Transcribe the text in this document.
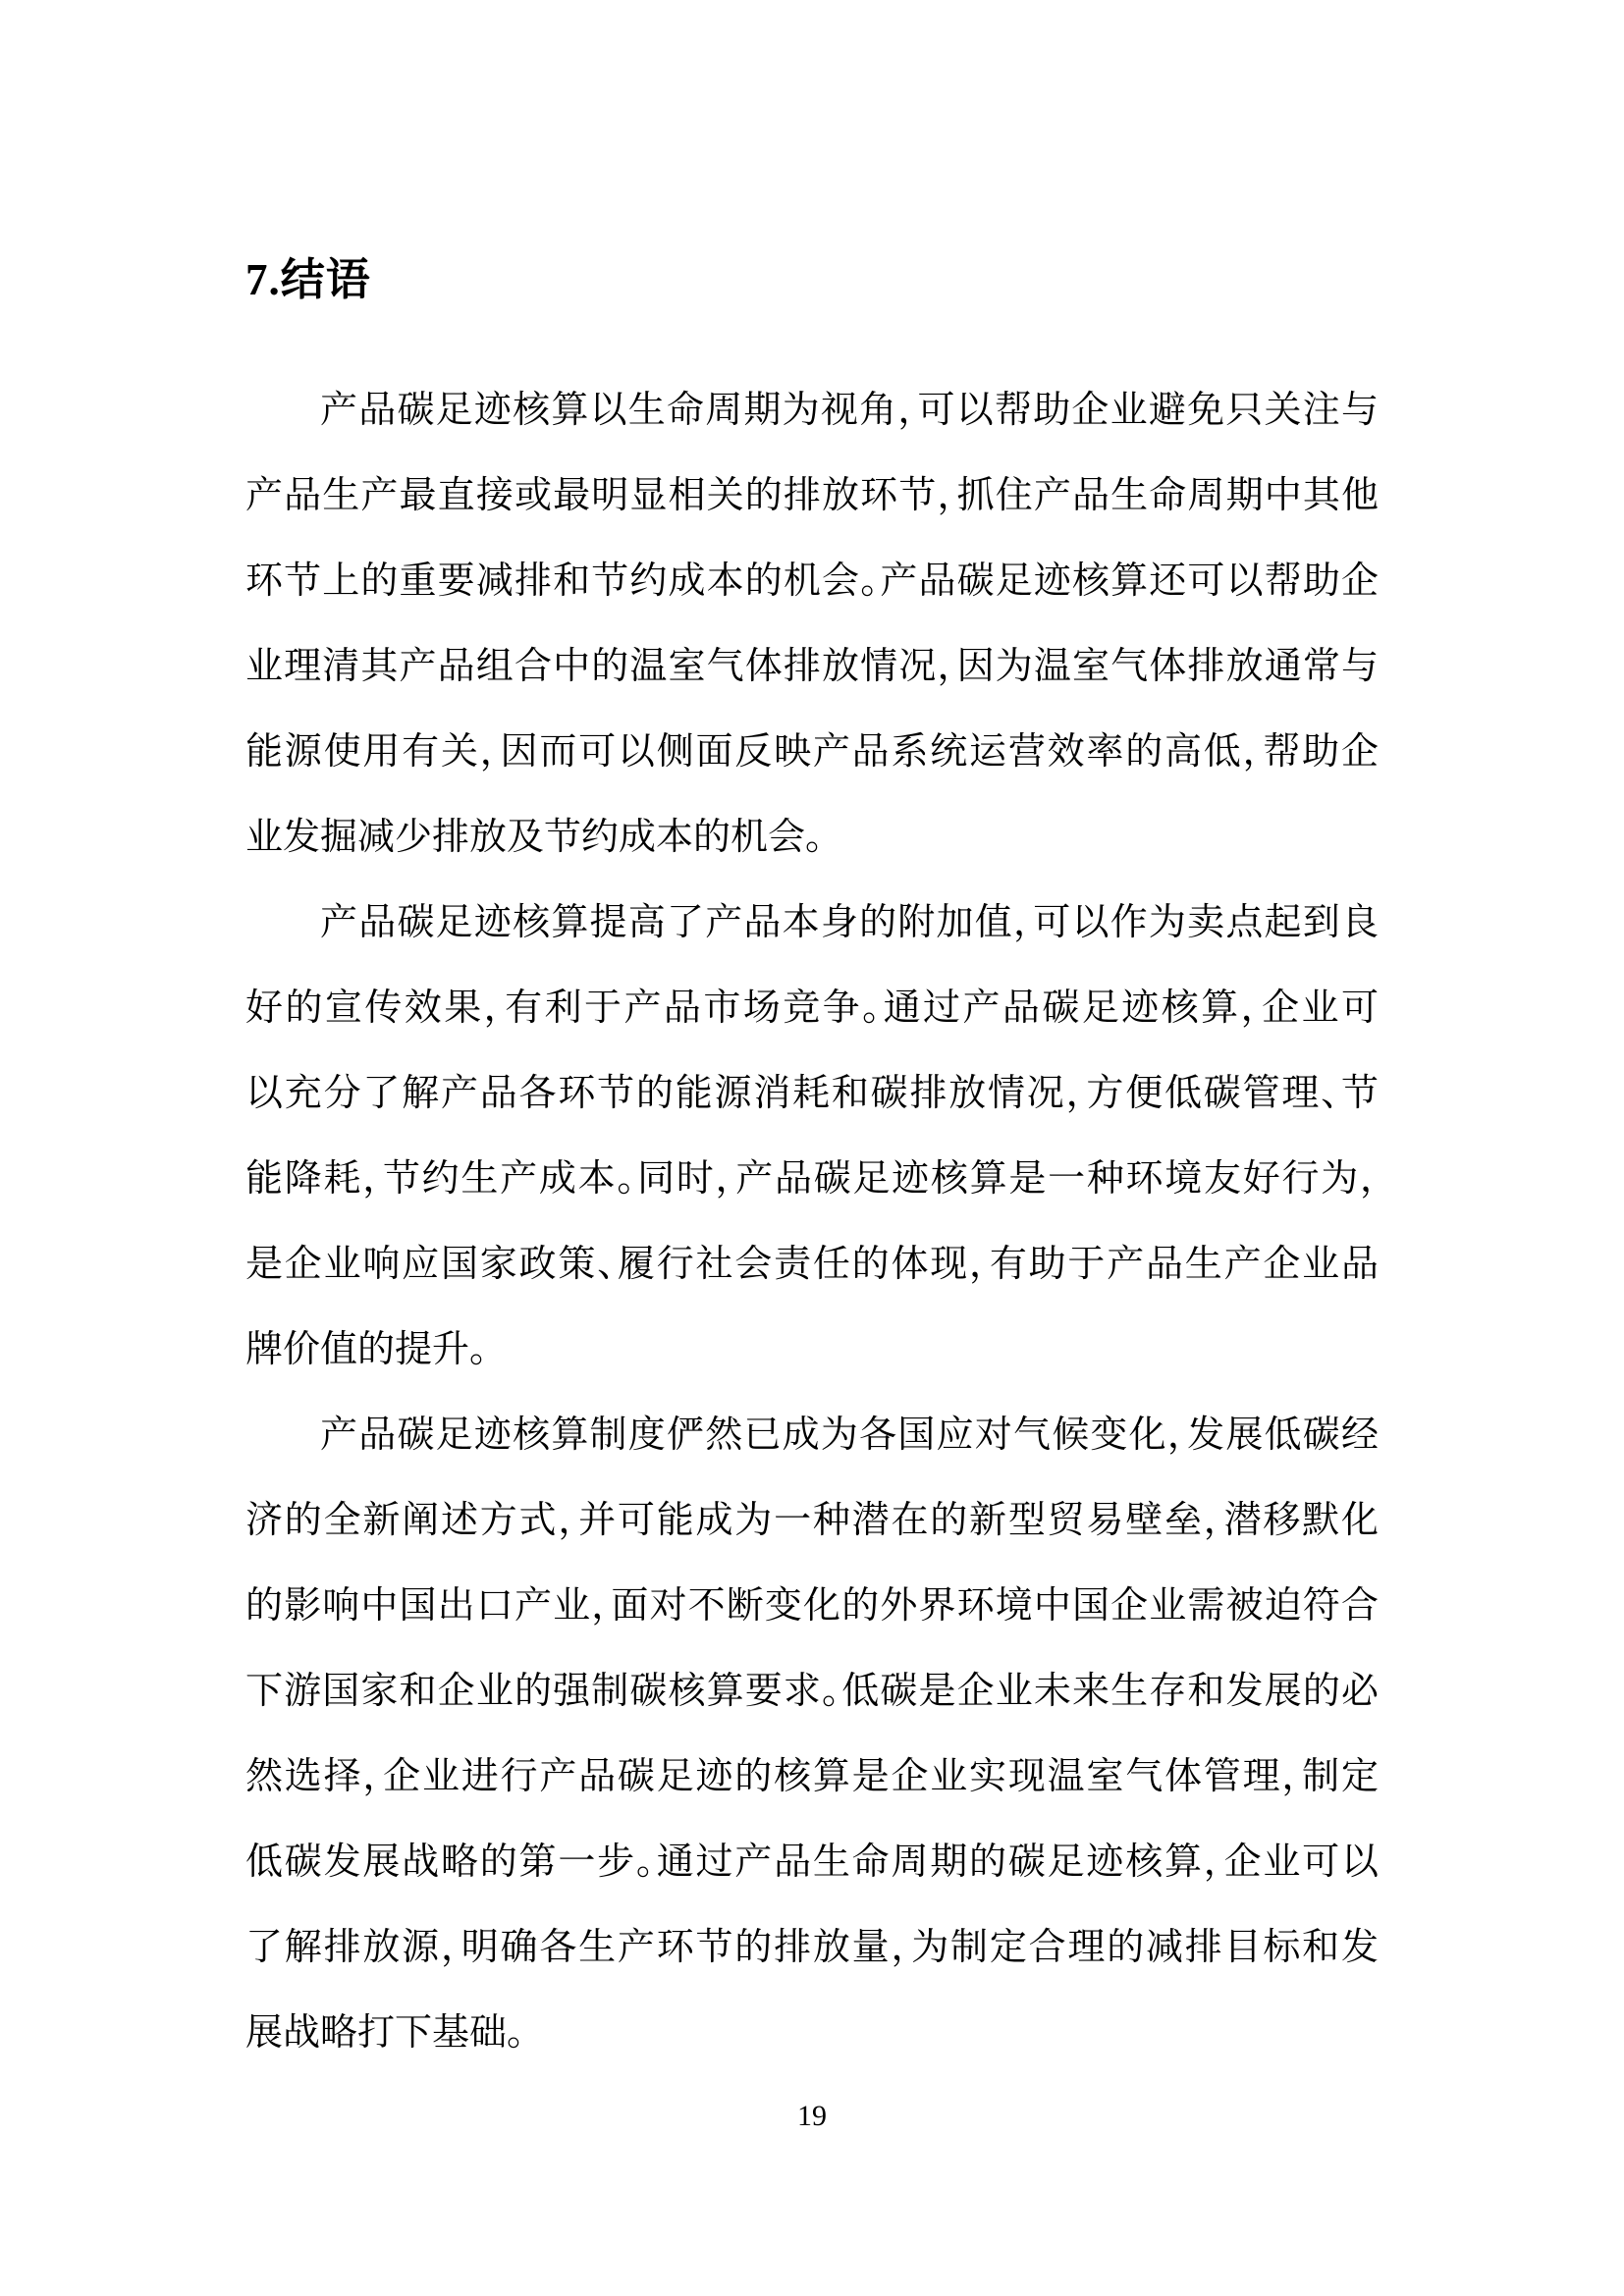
7.结语
产品碳足迹核算以生命周期为视角，可以帮助企业避免只关注与
产品生产最直接或最明显相关的排放环节，抓住产品生命周期中其他
环节上的重要减排和节约成本的机会。产品碳足迹核算还可以帮助企
业理清其产品组合中的温室气体排放情况，因为温室气体排放通常与
能源使用有关，因而可以侧面反映产品系统运营效率的高低，帮助企
业发掘减少排放及节约成本的机会。
产品碳足迹核算提高了产品本身的附加值，可以作为卖点起到良
好的宣传效果，有利于产品市场竞争。通过产品碳足迹核算，企业可
以充分了解产品各环节的能源消耗和碳排放情况，方便低碳管理、节
能降耗，节约生产成本。同时，产品碳足迹核算是一种环境友好行为，
是企业响应国家政策、履行社会责任的体现，有助于产品生产企业品
牌价值的提升。
产品碳足迹核算制度俨然已成为各国应对气候变化，发展低碳经
济的全新阐述方式，并可能成为一种潜在的新型贸易壁垒，潜移默化
的影响中国出口产业，面对不断变化的外界环境中国企业需被迫符合
下游国家和企业的强制碳核算要求。低碳是企业未来生存和发展的必
然选择，企业进行产品碳足迹的核算是企业实现温室气体管理，制定
低碳发展战略的第一步。通过产品生命周期的碳足迹核算，企业可以
了解排放源，明确各生产环节的排放量，为制定合理的减排目标和发
展战略打下基础。
19
